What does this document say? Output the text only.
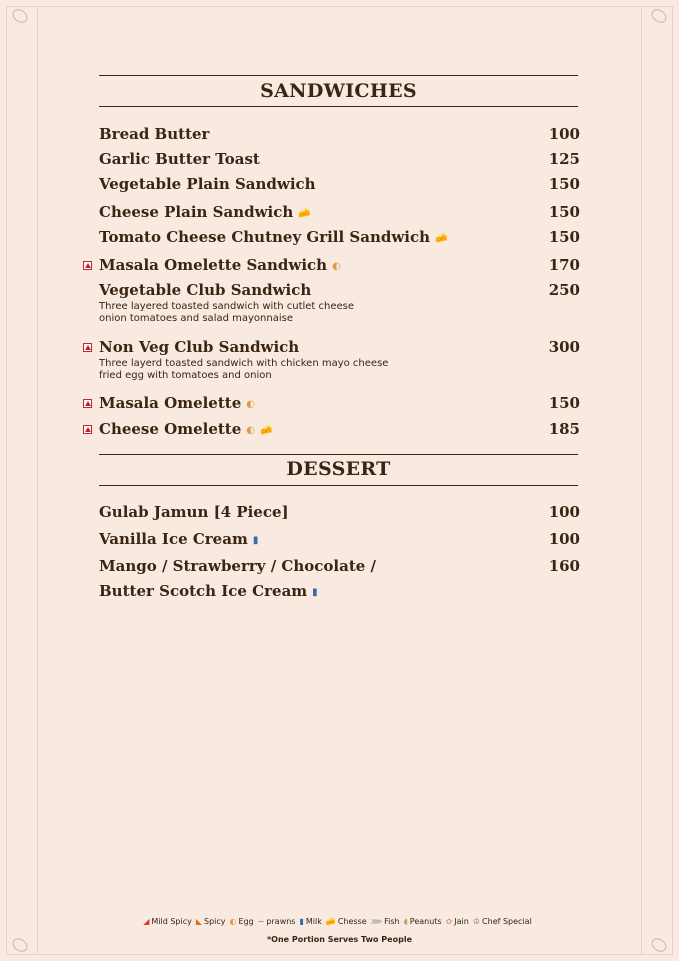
SANDWICHES
Bread Butter	100
Garlic Butter Toast	125
Vegetable Plain Sandwich	150
Cheese Plain Sandwich 🧀	150
Tomato Cheese Chutney Grill Sandwich 🧀	150
Masala Omelette Sandwich ◐	170
Vegetable Club Sandwich	250
Three layered toasted sandwich with cutlet cheese
onion tomatoes and salad mayonnaise
Non Veg Club Sandwich	300
Three layerd toasted sandwich with chicken mayo cheese
fried egg with tomatoes and onion
Masala Omelette ◐	150
Cheese Omelette ◐ 🧀	185
DESSERT
Gulab Jamun [4 Piece]	100
Vanilla Ice Cream ▮	100
Mango / Strawberry / Chocolate /	160
Butter Scotch Ice Cream ▮
◢ Mild Spicy ◣ Spicy ◐ Egg ∽ prawns ▮ Milk 🧀 Chesse ⋙ Fish ◖ Peanuts ✿ Jain ♔ Chef Special
*One Portion Serves Two People
